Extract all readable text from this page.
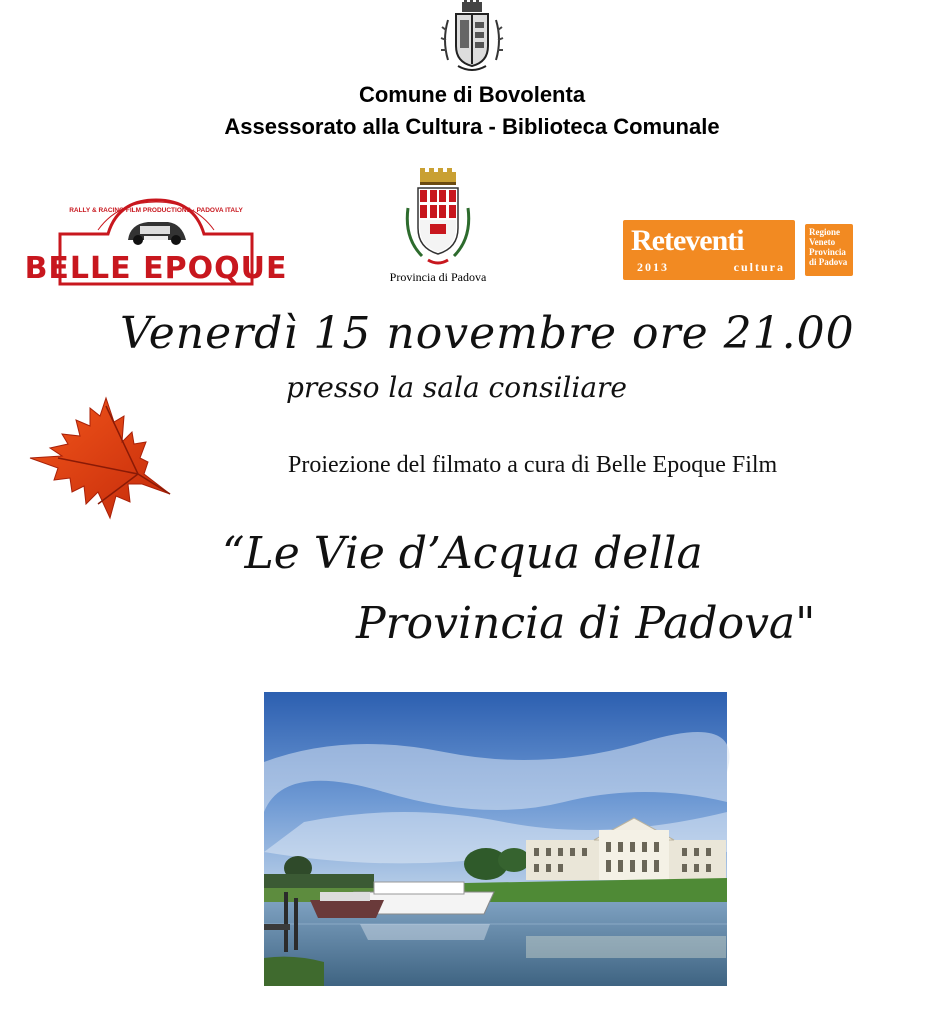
Comune di Bovolenta
Assessorato alla Cultura - Biblioteca Comunale
RALLY & RACING FILM PRODUCTIONS · PADOVA ITALY
BELLE EPOQUE	Provincia di Padova
Reteventi
2013	cultura
Regione
Veneto
Provincia
di Padova
Venerdì 15 novembre ore 21.00
presso la sala consiliare
Proiezione del filmato a cura di Belle Epoque Film
“Le Vie d’Acqua della
Provincia di Padova"
